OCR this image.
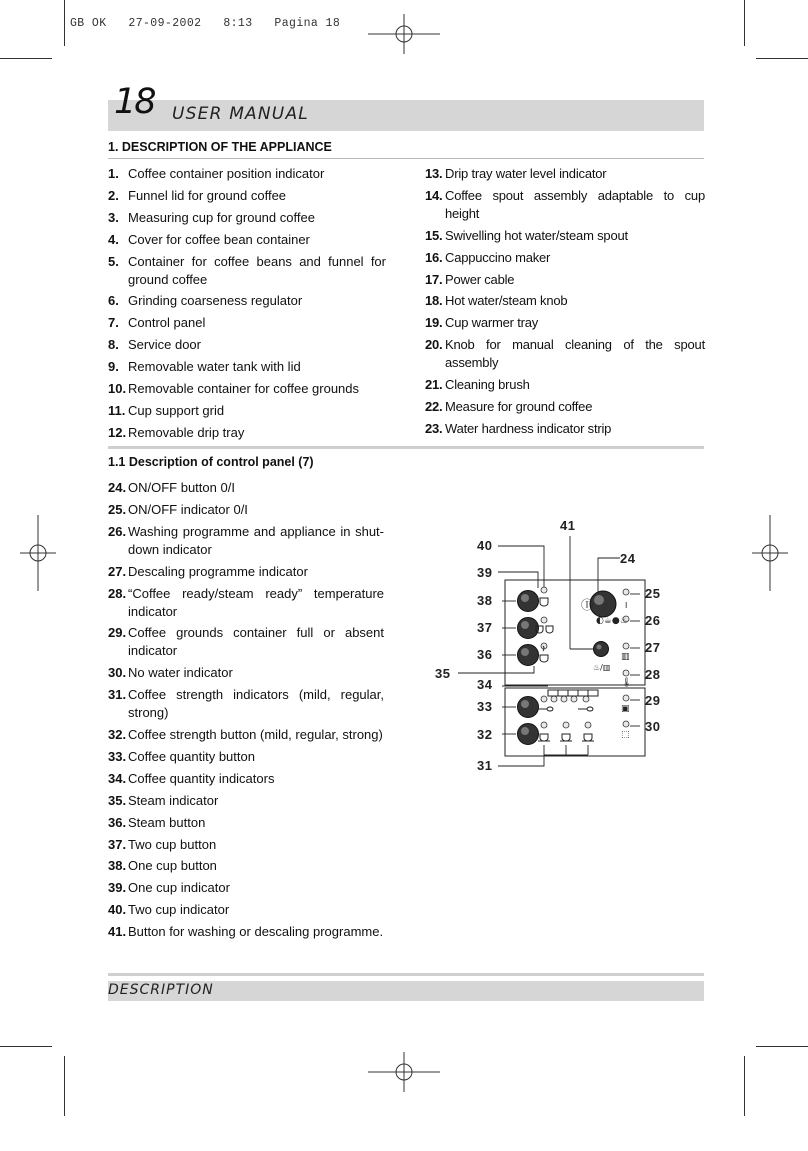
GB OK   27-09-2002   8:13   Pagina 18
18 USER MANUAL
1. DESCRIPTION OF THE APPLIANCE
1. Coffee container position indicator
2. Funnel lid for ground coffee
3. Measuring cup for ground coffee
4. Cover for coffee bean container
5. Container for coffee beans and funnel for ground coffee
6. Grinding coarseness regulator
7. Control panel
8. Service door
9. Removable water tank with lid
10. Removable container for coffee grounds
11. Cup support grid
12. Removable drip tray
13. Drip tray water level indicator
14. Coffee spout assembly adaptable to cup height
15. Swivelling hot water/steam spout
16. Cappuccino maker
17. Power cable
18. Hot water/steam knob
19. Cup warmer tray
20. Knob for manual cleaning of the spout assembly
21. Cleaning brush
22. Measure for ground coffee
23. Water hardness indicator strip
1.1 Description of control panel (7)
24. ON/OFF button 0/I
25. ON/OFF indicator 0/I
26. Washing programme and appliance in shut-down indicator
27. Descaling programme indicator
28. “Coffee ready/steam ready” temperature indicator
29. Coffee grounds container full or absent indicator
30. No water indicator
31. Coffee strength indicators (mild, regular, strong)
32. Coffee strength button (mild, regular, strong)
33. Coffee quantity button
34. Coffee quantity indicators
35. Steam indicator
36. Steam button
37. Two cup button
38. One cup button
39. One cup indicator
40. Two cup indicator
41. Button for washing or descaling programme.
Ⓘ
♨/▥
I
◐☕●♨
▥
🌡
▣
⬚
41
24
40
39
38
37
36
35
34
33
32
31
25
26
27
28
29
30
DESCRIPTION
